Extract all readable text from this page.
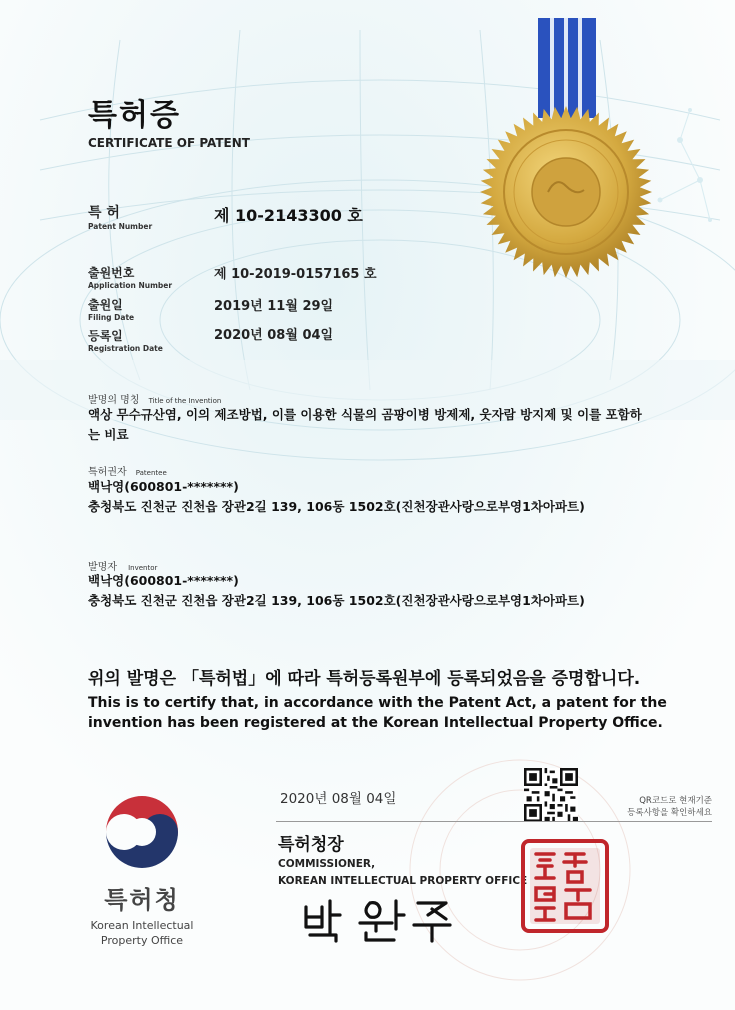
특허증
CERTIFICATE OF PATENT
특 허
Patent Number
제 10-2143300 호
출원번호
Application Number
제 10-2019-0157165 호
출원일
Filing Date
2019년 11월 29일
등록일
Registration Date
2020년 08월 04일
발명의 명칭 Title of the Invention
액상 무수규산염, 이의 제조방법, 이를 이용한 식물의 곰팡이병 방제제, 웃자람 방지제 및 이를 포함하
는 비료
특허권자 Patentee
백낙영(600801-*******)
충청북도 진천군 진천읍 장관2길 139, 106동 1502호(진천장관사랑으로부영1차아파트)
발명자 Inventor
백낙영(600801-*******)
충청북도 진천군 진천읍 장관2길 139, 106동 1502호(진천장관사랑으로부영1차아파트)
위의 발명은 「특허법」에 따라 특허등록원부에 등록되었음을 증명합니다.
This is to certify that, in accordance with the Patent Act, a patent for the
invention has been registered at the Korean Intellectual Property Office.
2020년 08월 04일	QR코드로 현재기준
등록사항을 확인하세요
특허청장
COMMISSIONER,
KOREAN INTELLECTUAL PROPERTY OFFICE
특허청
Korean Intellectual
Property Office
